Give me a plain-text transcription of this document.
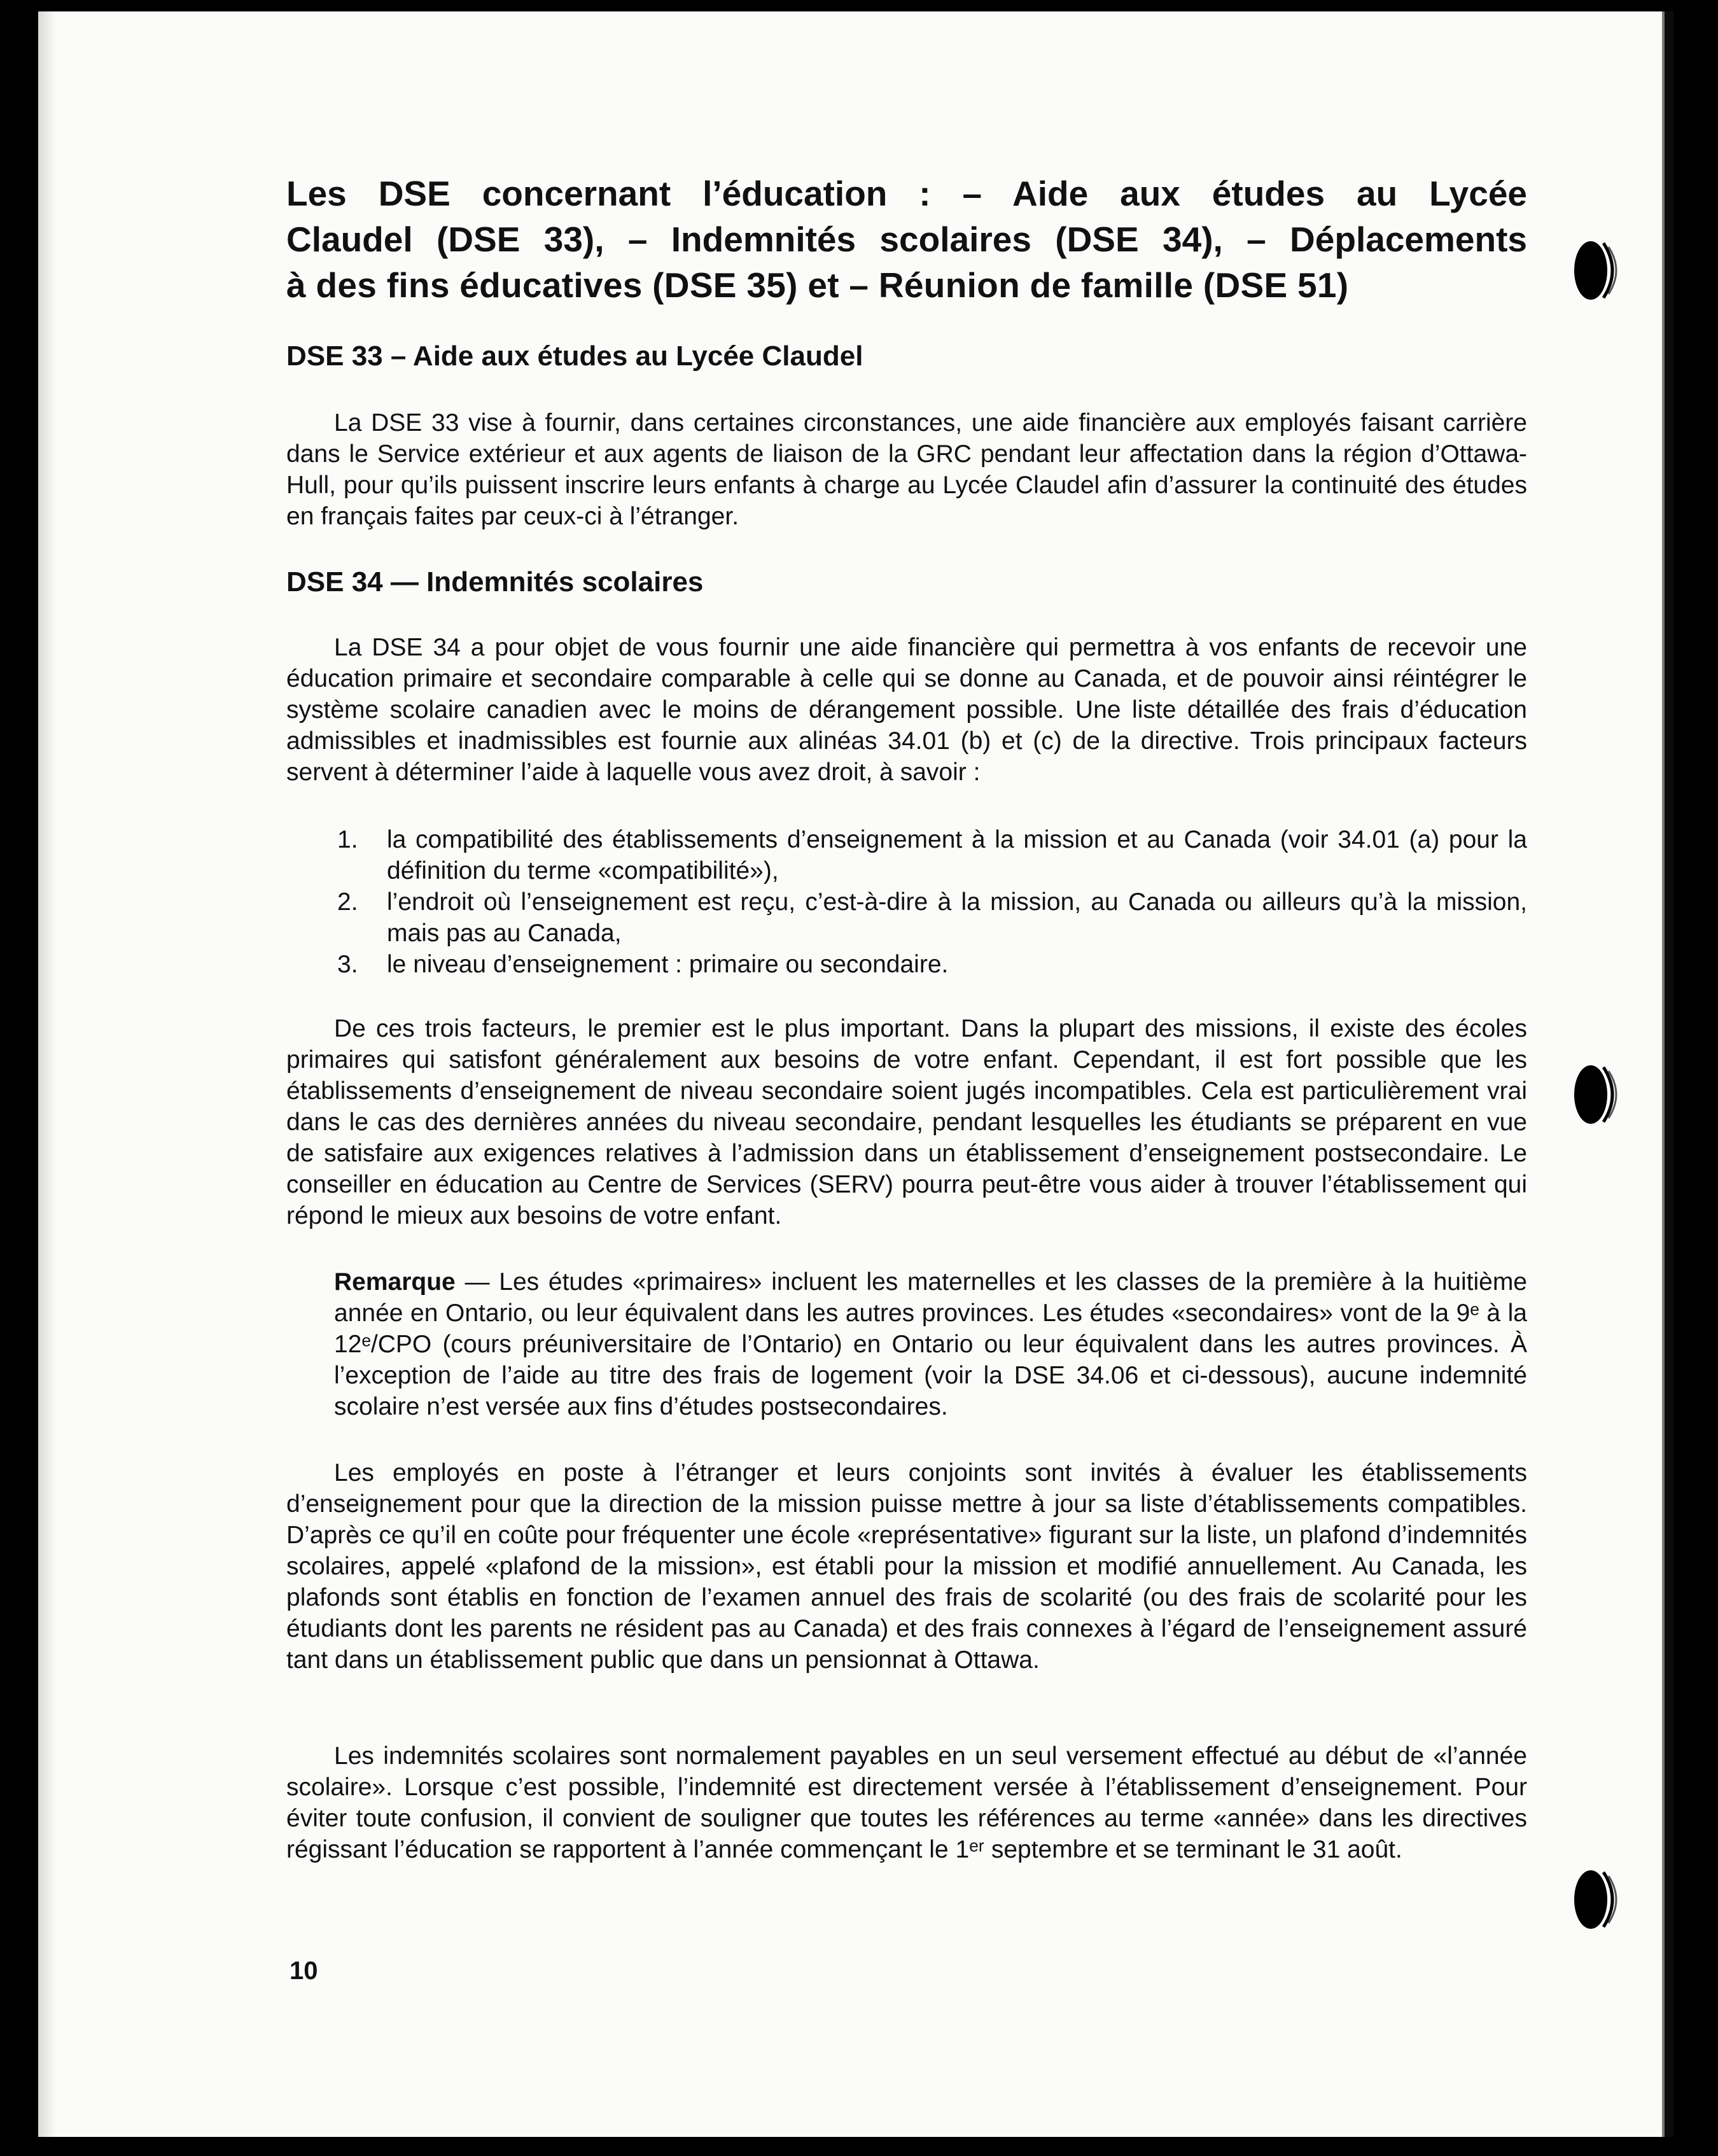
Les DSE concernant l’éducation : – Aide aux études au Lycée
Claudel (DSE 33), – Indemnités scolaires (DSE 34), – Déplacements
à des fins éducatives (DSE 35) et – Réunion de famille (DSE 51)
DSE 33 – Aide aux études au Lycée Claudel

La DSE 33 vise à fournir, dans certaines circonstances, une aide financière aux employés faisant carrière dans le Service extérieur et aux agents de liaison de la GRC pendant leur affectation dans la région d’Ottawa-Hull, pour qu’ils puissent inscrire leurs enfants à charge au Lycée Claudel afin d’assurer la continuité des études en français faites par ceux-ci à l’étranger.

DSE 34 — Indemnités scolaires

La DSE 34 a pour objet de vous fournir une aide financière qui permettra à vos enfants de recevoir une éducation primaire et secondaire comparable à celle qui se donne au Canada, et de pouvoir ainsi réintégrer le système scolaire canadien avec le moins de dérangement possible. Une liste détaillée des frais d’éducation admissibles et inadmissibles est fournie aux alinéas 34.01 (b) et (c) de la directive. Trois principaux facteurs servent à déterminer l’aide à laquelle vous avez droit, à savoir :

1.	la compatibilité des établissements d’enseignement à la mission et au Canada (voir 34.01 (a) pour la définition du terme «compatibilité»),
2.	l’endroit où l’enseignement est reçu, c’est-à-dire à la mission, au Canada ou ailleurs qu’à la mission, mais pas au Canada,
3.	le niveau d’enseignement : primaire ou secondaire.

De ces trois facteurs, le premier est le plus important. Dans la plupart des missions, il existe des écoles primaires qui satisfont généralement aux besoins de votre enfant. Cependant, il est fort possible que les établissements d’enseignement de niveau secondaire soient jugés incompatibles. Cela est particulièrement vrai dans le cas des dernières années du niveau secondaire, pendant lesquelles les étudiants se préparent en vue de satisfaire aux exigences relatives à l’admission dans un établissement d’enseignement postsecondaire. Le conseiller en éducation au Centre de Services (SERV) pourra peut-être vous aider à trouver l’établissement qui répond le mieux aux besoins de votre enfant.

Remarque — Les études «primaires» incluent les maternelles et les classes de la première à la huitième année en Ontario, ou leur équivalent dans les autres provinces. Les études «secondaires» vont de la 9ᵉ à la 12ᵉ/CPO (cours préuniversitaire de l’Ontario) en Ontario ou leur équivalent dans les autres provinces. À l’exception de l’aide au titre des frais de logement (voir la DSE 34.06 et ci-dessous), aucune indemnité scolaire n’est versée aux fins d’études postsecondaires.

Les employés en poste à l’étranger et leurs conjoints sont invités à évaluer les établissements d’enseignement pour que la direction de la mission puisse mettre à jour sa liste d’établissements compatibles. D’après ce qu’il en coûte pour fréquenter une école «représentative» figurant sur la liste, un plafond d’indemnités scolaires, appelé «plafond de la mission», est établi pour la mission et modifié annuellement. Au Canada, les plafonds sont établis en fonction de l’examen annuel des frais de scolarité (ou des frais de scolarité pour les étudiants dont les parents ne résident pas au Canada) et des frais connexes à l’égard de l’enseignement assuré tant dans un établissement public que dans un pensionnat à Ottawa.

Les indemnités scolaires sont normalement payables en un seul versement effectué au début de «l’année scolaire». Lorsque c’est possible, l’indemnité est directement versée à l’établissement d’enseignement. Pour éviter toute confusion, il convient de souligner que toutes les références au terme «année» dans les directives régissant l’éducation se rapportent à l’année commençant le 1ᵉʳ septembre et se terminant le 31 août.

10
